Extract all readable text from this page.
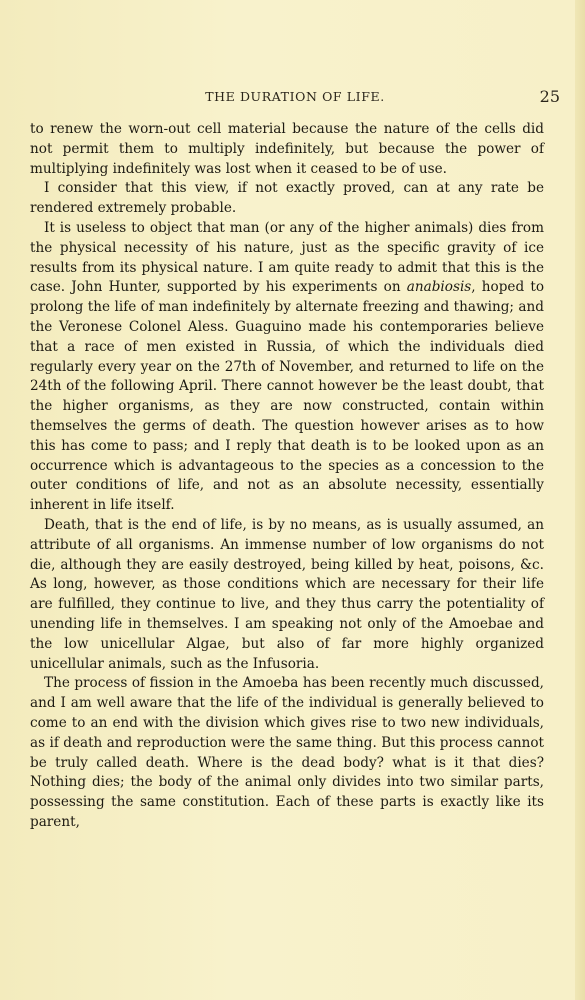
THE DURATION OF LIFE.	25

to renew the worn-out cell material because the nature of the cells did not permit them to multiply indefinitely, but because the power of multiplying indefinitely was lost when it ceased to be of use.

I consider that this view, if not exactly proved, can at any rate be rendered extremely probable.

It is useless to object that man (or any of the higher animals) dies from the physical necessity of his nature, just as the specific gravity of ice results from its physical nature. I am quite ready to admit that this is the case. John Hunter, supported by his experiments on anabiosis, hoped to prolong the life of man indefinitely by alternate freezing and thawing; and the Veronese Colonel Aless. Guaguino made his contemporaries believe that a race of men existed in Russia, of which the individuals died regularly every year on the 27th of November, and returned to life on the 24th of the following April. There cannot however be the least doubt, that the higher organisms, as they are now constructed, contain within themselves the germs of death. The question however arises as to how this has come to pass; and I reply that death is to be looked upon as an occurrence which is advantageous to the species as a concession to the outer conditions of life, and not as an absolute necessity, essentially inherent in life itself.

Death, that is the end of life, is by no means, as is usually assumed, an attribute of all organisms. An immense number of low organisms do not die, although they are easily destroyed, being killed by heat, poisons, &c. As long, however, as those conditions which are necessary for their life are fulfilled, they continue to live, and they thus carry the potentiality of unending life in themselves. I am speaking not only of the Amoebae and the low unicellular Algae, but also of far more highly organized unicellular animals, such as the Infusoria.

The process of fission in the Amoeba has been recently much discussed, and I am well aware that the life of the individual is generally believed to come to an end with the division which gives rise to two new individuals, as if death and reproduction were the same thing. But this process cannot be truly called death. Where is the dead body? what is it that dies? Nothing dies; the body of the animal only divides into two similar parts, possessing the same constitution. Each of these parts is exactly like its parent,
